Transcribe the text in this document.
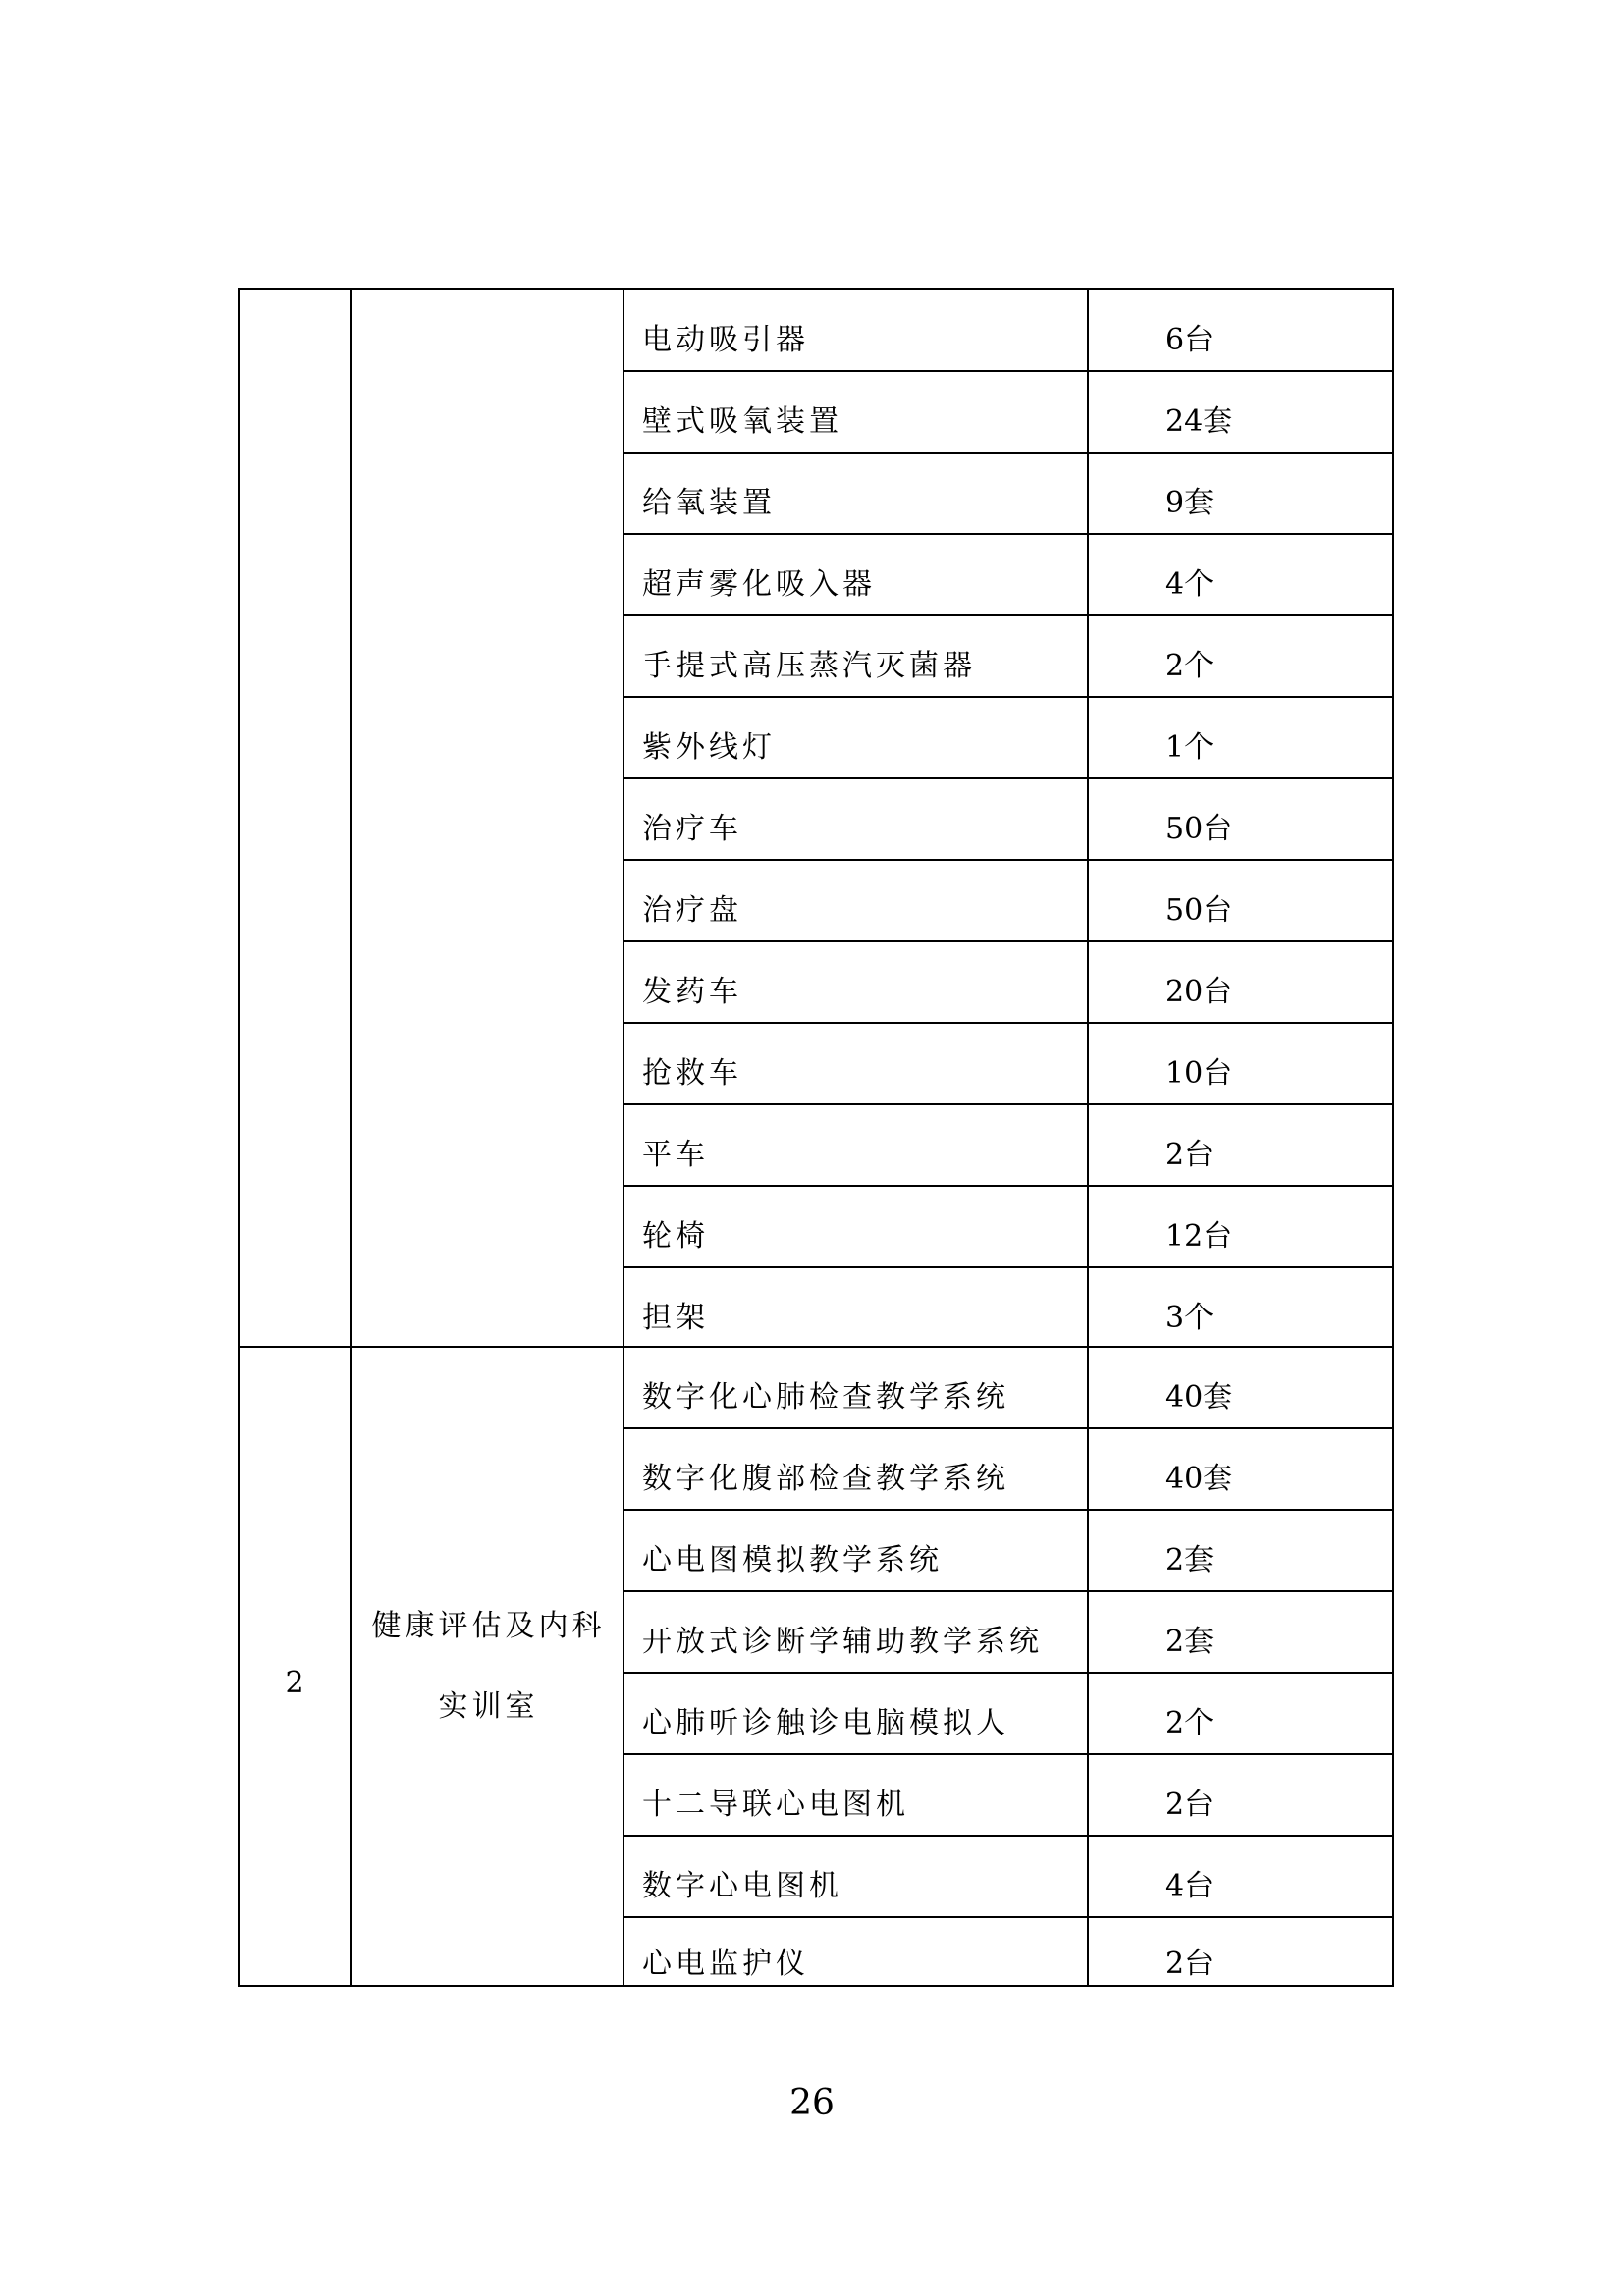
电动吸引器	6台
壁式吸氧装置	24套
给氧装置	9套
超声雾化吸入器	4个
手提式高压蒸汽灭菌器	2个
紫外线灯	1个
治疗车	50台
治疗盘	50台
发药车	20台
抢救车	10台
平车	2台
轮椅	12台
担架	3个
2
健康评估及内科
实训室
数字化心肺检查教学系统	40套
数字化腹部检查教学系统	40套
心电图模拟教学系统	2套
开放式诊断学辅助教学系统	2套
心肺听诊触诊电脑模拟人	2个
十二导联心电图机	2台
数字心电图机	4台
心电监护仪	2台
26
